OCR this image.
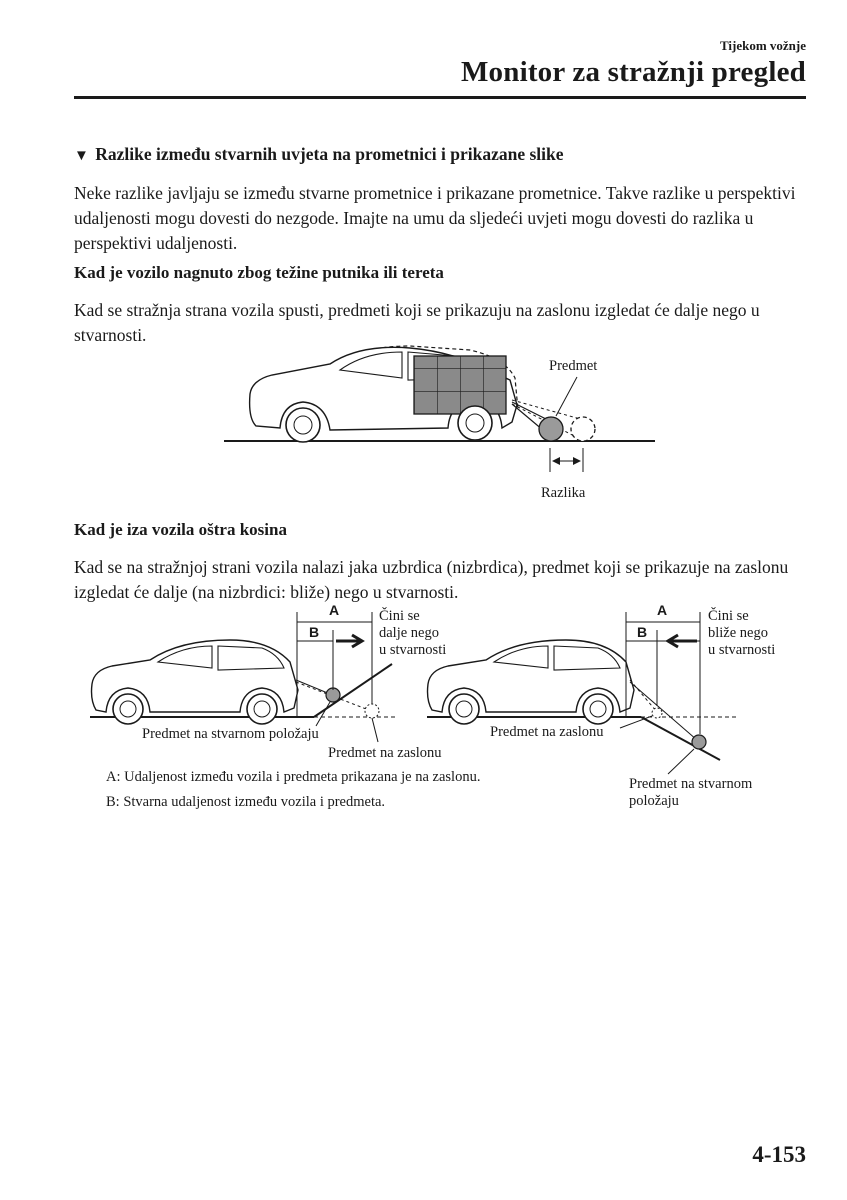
Tijekom vožnje
Monitor za stražnji pregled
▼ Razlike između stvarnih uvjeta na prometnici i prikazane slike
Neke razlike javljaju se između stvarne prometnice i prikazane prometnice. Takve razlike u perspektivi udaljenosti mogu dovesti do nezgode. Imajte na umu da sljedeći uvjeti mogu dovesti do razlika u perspektivi udaljenosti.
Kad je vozilo nagnuto zbog težine putnika ili tereta
Kad se stražnja strana vozila spusti, predmeti koji se prikazuju na zaslonu izgledat će dalje nego u stvarnosti.
Kad je iza vozila oštra kosina
Kad se na stražnjoj strani vozila nalazi jaka uzbrdica (nizbrdica), predmet koji se prikazuje na zaslonu izgledat će dalje (na nizbrdici: bliže) nego u stvarnosti.
Predmet
Razlika
A
B
Čini se dalje nego u stvarnosti
Predmet na stvarnom položaju
Predmet na zaslonu
A
B
Čini se bliže nego u stvarnosti
Predmet na zaslonu
Predmet na stvarnom položaju
A: Udaljenost između vozila i predmeta prikazana je na zaslonu.
B: Stvarna udaljenost između vozila i predmeta.
4-153
